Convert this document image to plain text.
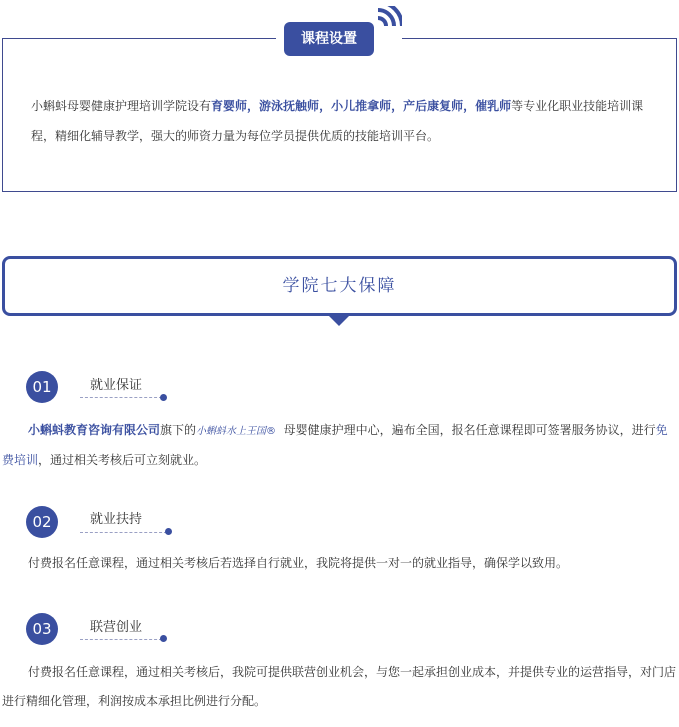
小蝌蚪母婴健康护理培训学院设有育婴师，游泳抚触师，小儿推拿师，产后康复师，催乳师等专业化职业技能培训课程，精细化辅导教学，强大的师资力量为每位学员提供优质的技能培训平台。
课程设置
学院七大保障
01	就业保证
小蝌蚪教育咨询有限公司旗下的小蝌蚪水上王国®  母婴健康护理中心，遍布全国，报名任意课程即可签署服务协议，进行免费培训，通过相关考核后可立刻就业。
02	就业扶持
付费报名任意课程，通过相关考核后若选择自行就业，我院将提供一对一的就业指导，确保学以致用。
03	联营创业
付费报名任意课程，通过相关考核后，我院可提供联营创业机会，与您一起承担创业成本，并提供专业的运营指导，对门店进行精细化管理，利润按成本承担比例进行分配。
